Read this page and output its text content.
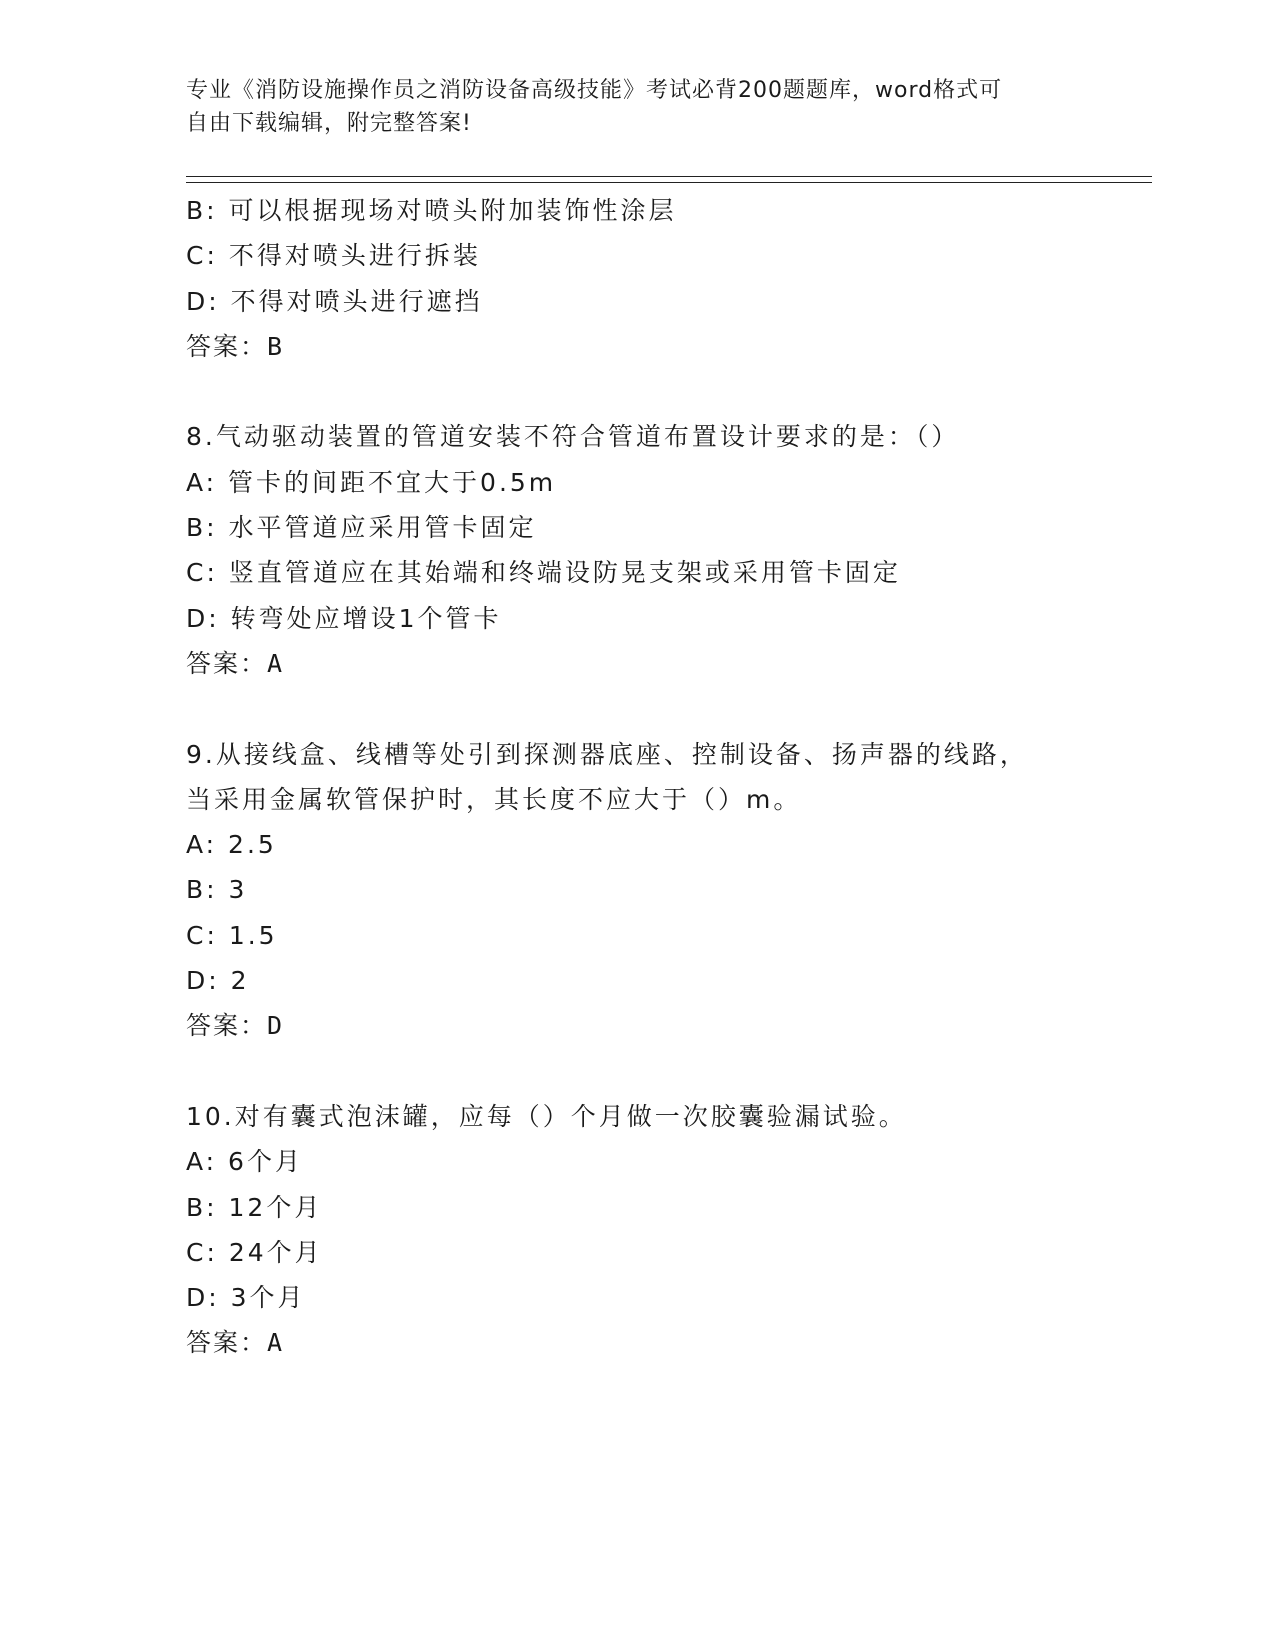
专业《消防设施操作员之消防设备高级技能》考试必背200题题库，word格式可
自由下载编辑，附完整答案!
B: 可以根据现场对喷头附加装饰性涂层
C: 不得对喷头进行拆装
D: 不得对喷头进行遮挡
答案：B
8.气动驱动装置的管道安装不符合管道布置设计要求的是：（）
A: 管卡的间距不宜大于0.5m
B: 水平管道应采用管卡固定
C: 竖直管道应在其始端和终端设防晃支架或采用管卡固定
D: 转弯处应增设1个管卡
答案：A
9.从接线盒、线槽等处引到探测器底座、控制设备、扬声器的线路，
当采用金属软管保护时，其长度不应大于（）m。
A: 2.5
B: 3
C: 1.5
D: 2
答案：D
10.对有囊式泡沫罐，应每（）个月做一次胶囊验漏试验。
A: 6个月
B: 12个月
C: 24个月
D: 3个月
答案：A
